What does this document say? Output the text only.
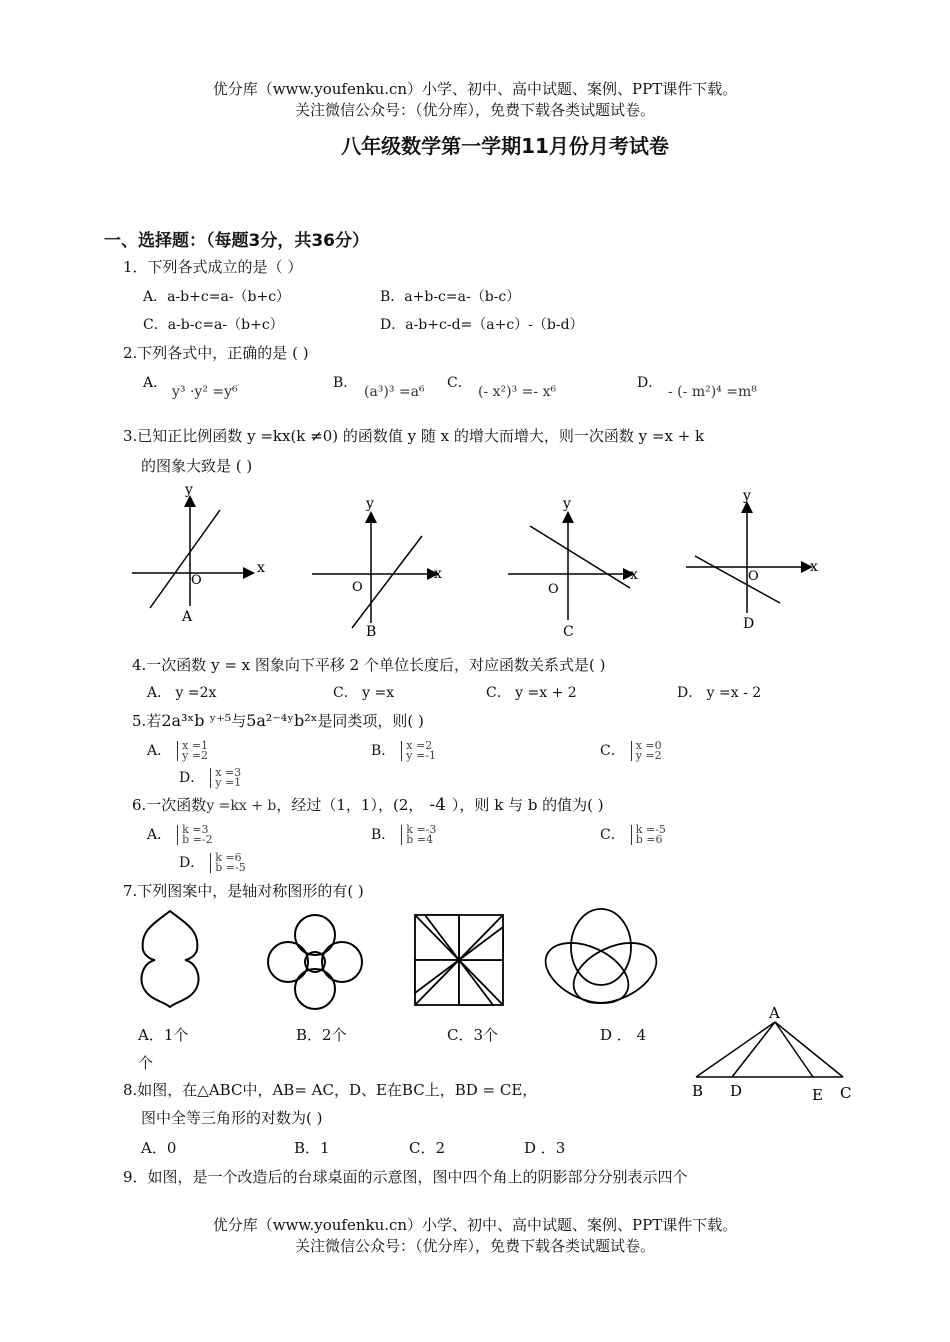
优分库（www.youfenku.cn）小学、初中、高中试题、案例、PPT课件下载。
关注微信公众号：（优分库），免费下载各类试题试卷。
八年级数学第一学期11月份月考试卷
一、选择题：（每题3分，共36分）
1．下列各式成立的是（ ）
A．a-b+c=a-（b+c）	B．a+b-c=a-（b-c）
C．a-b-c=a-（b+c）	D．a-b+c-d=（a+c）-（b-d）
2.下列各式中，正确的是 ( )
A．
y³ ·y² =y⁶
B．
(a³)³ =a⁶
C．
(- x²)³ =- x⁶
D．
- (- m²)⁴ =m⁸
3.已知正比例函数 y =kx(k ≠0) 的函数值 y 随 x 的增大而增大，则一次函数 y =x + k
的图象大致是 ( )
x
y
O
A
x
y
O
B
x
y
O
C
x
y
O
D
4.一次函数 y = x 图象向下平移 2 个单位长度后，对应函数关系式是( )
A． y =2x	C． y =x	C． y =x + 2	D． y =x - 2
5.若2a³ˣb ʸ⁺⁵与5a²⁻⁴ʸb²ˣ是同类项，则( )
A． x =1
y =2	B． x =2
y =-1	C． x =0
y =2
D． x =3
y =1
6.一次函数y =kx + b，经过（1，1），(2， -4 ），则 k 与 b 的值为( )
A． k =3
b =-2	B． k =-3
b =4	C． k =-5
b =6
D． k =6
b =-5
7.下列图案中，是轴对称图形的有( )
A．1个	B．2个	C．3个	D ． 4
个
A
B D	E C
8.如图，在△ABC中，AB= AC，D、E在BC上，BD = CE，
图中全等三角形的对数为( )
A．0	B．1	C．2	D ．3
9．如图，是一个改造后的台球桌面的示意图，图中四个角上的阴影部分分别表示四个
优分库（www.youfenku.cn）小学、初中、高中试题、案例、PPT课件下载。
关注微信公众号：（优分库），免费下载各类试题试卷。
